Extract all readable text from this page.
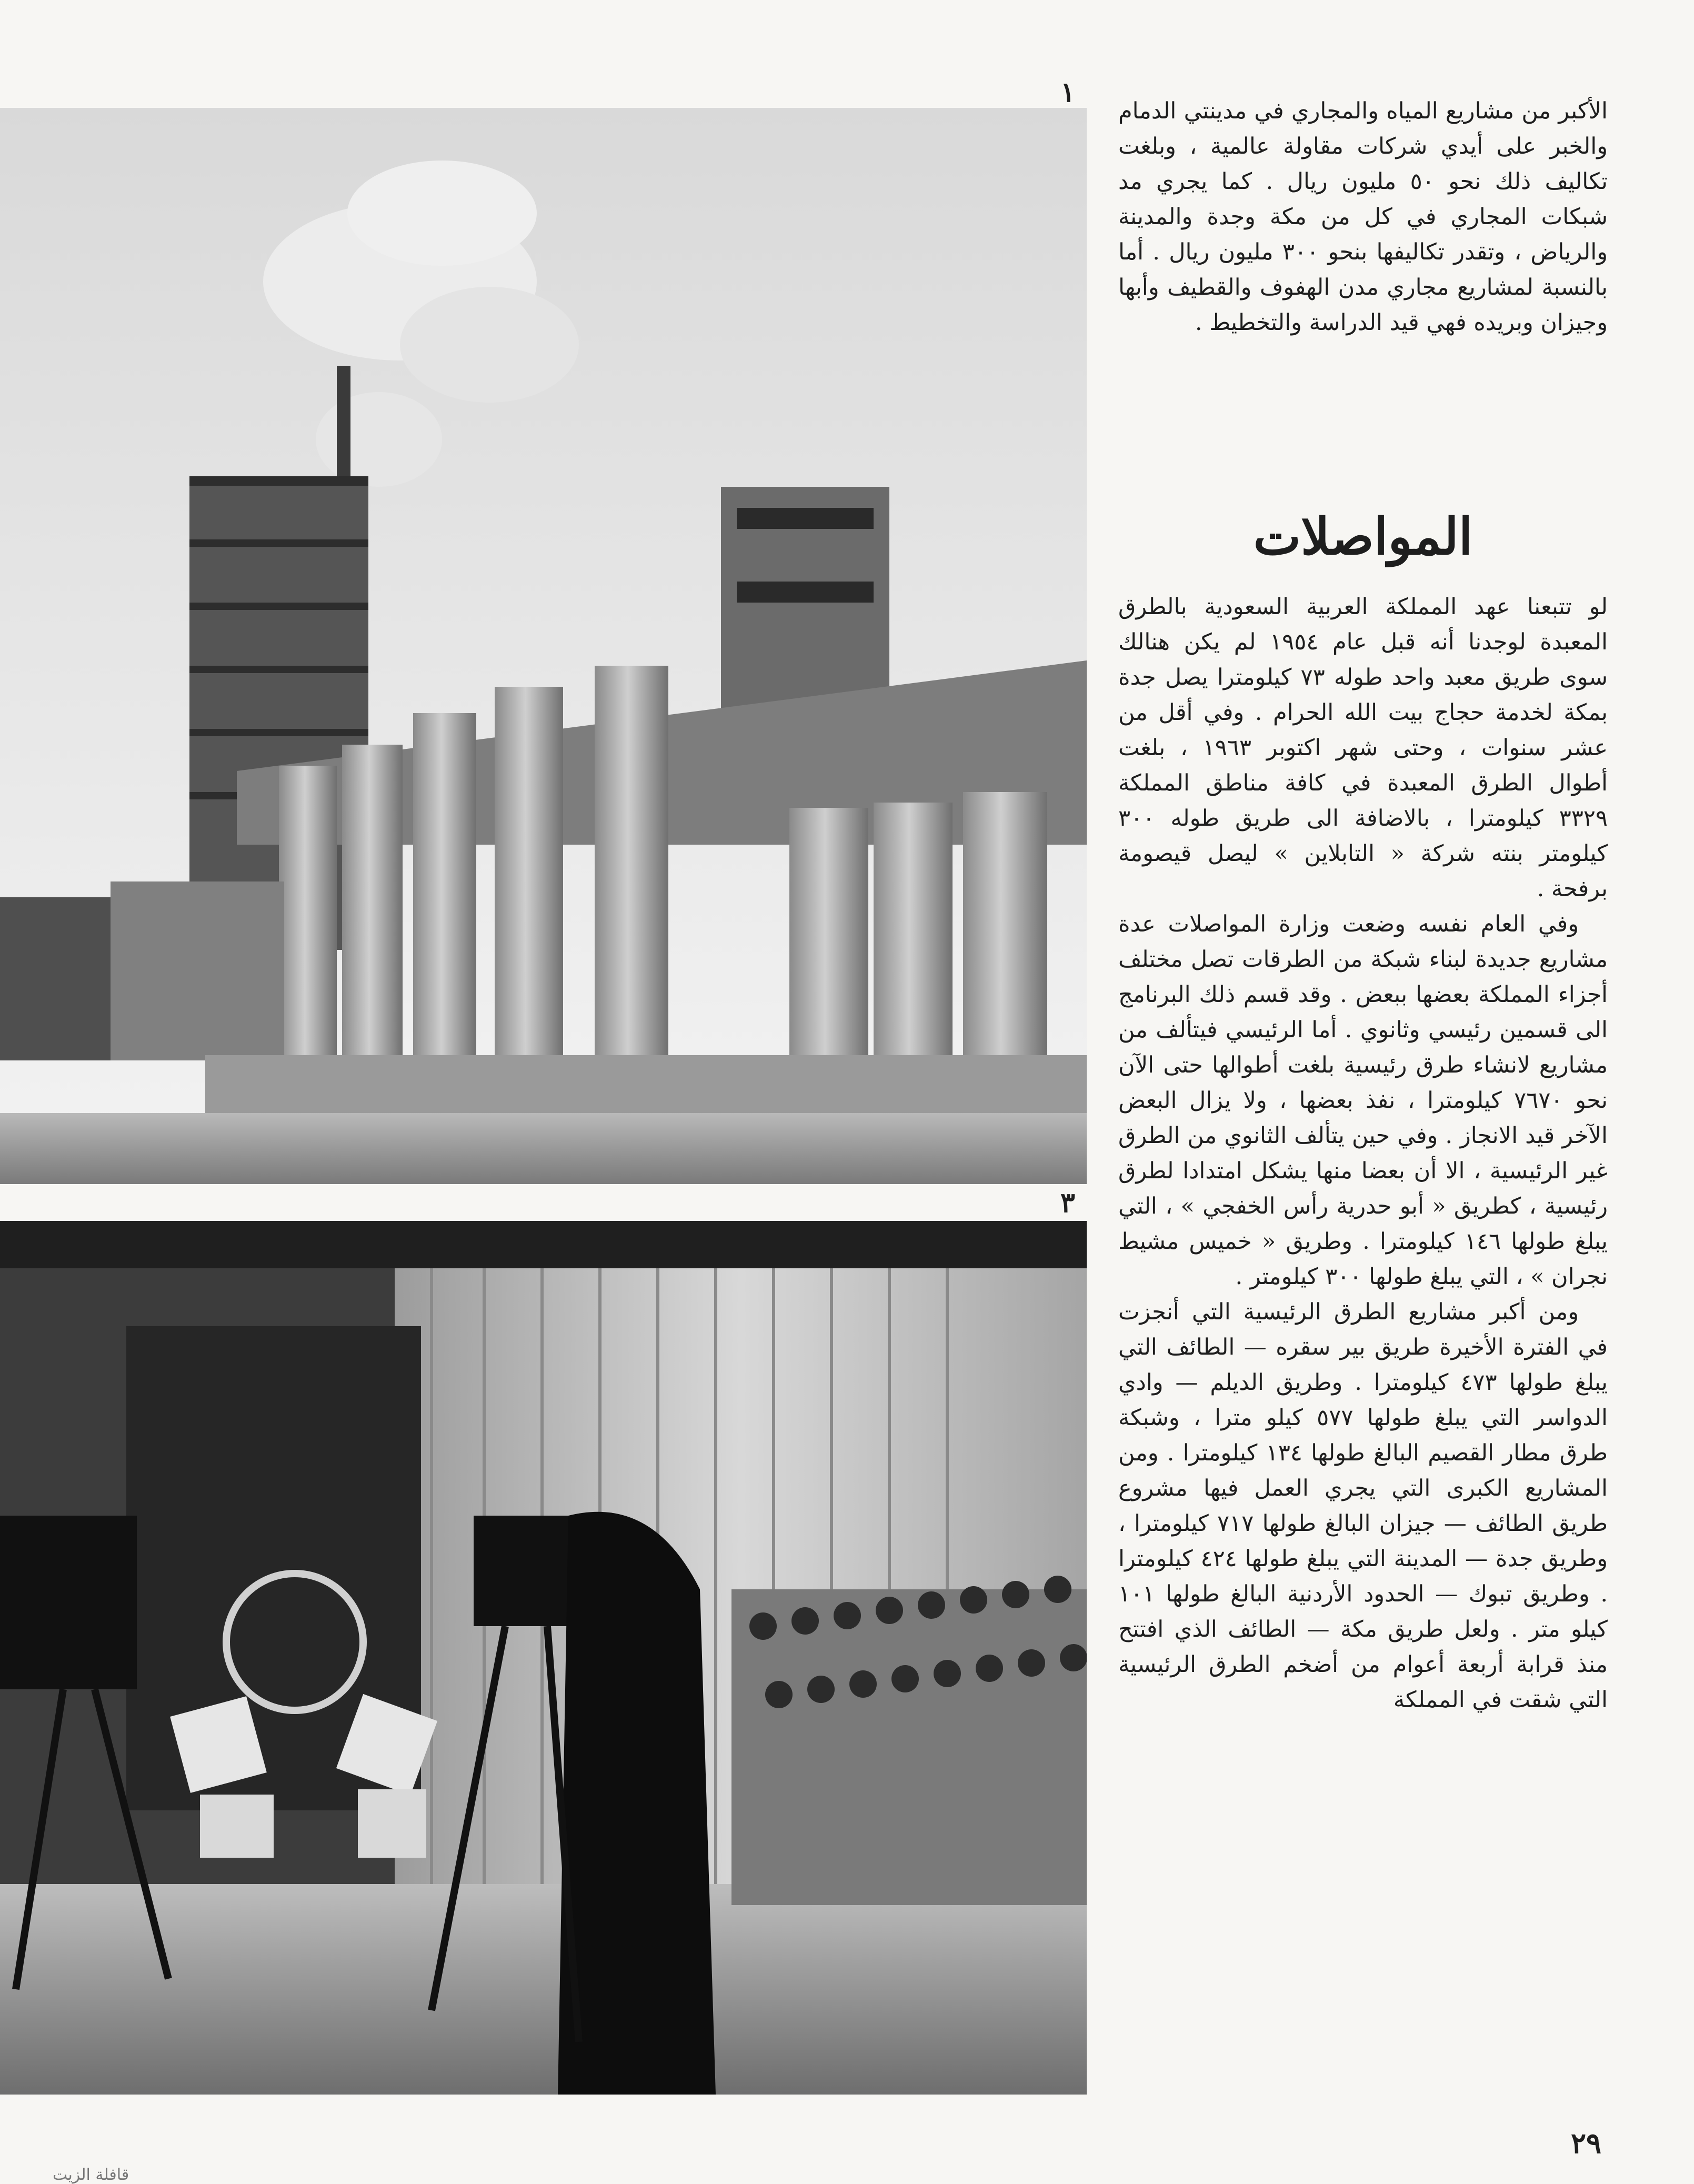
١
٣
الأكبر من مشاريع المياه والمجاري في مدينتي الدمام والخبر على أيدي شركات مقاولة عالمية ، وبلغت تكاليف ذلك نحو ٥٠ مليون ريال . كما يجري مد شبكات المجاري في كل من مكة وجدة والمدينة والرياض ، وتقدر تكاليفها بنحو ٣٠٠ مليون ريال . أما بالنسبة لمشاريع مجاري مدن الهفوف والقطيف وأبها وجيزان وبريده فهي قيد الدراسة والتخطيط .
المواصلات

لو تتبعنا عهد المملكة العربية السعودية بالطرق المعبدة لوجدنا أنه قبل عام ١٩٥٤ لم يكن هنالك سوى طريق معبد واحد طوله ٧٣ كيلومترا يصل جدة بمكة لخدمة حجاج بيت الله الحرام . وفي أقل من عشر سنوات ، وحتى شهر اكتوبر ١٩٦٣ ، بلغت أطوال الطرق المعبدة في كافة مناطق المملكة ٣٣٢٩ كيلومترا ، بالاضافة الى طريق طوله ٣٠٠ كيلومتر بنته شركة « التابلاين » ليصل قيصومة برفحة .

وفي العام نفسه وضعت وزارة المواصلات عدة مشاريع جديدة لبناء شبكة من الطرقات تصل مختلف أجزاء المملكة بعضها ببعض . وقد قسم ذلك البرنامج الى قسمين رئيسي وثانوي . أما الرئيسي فيتألف من مشاريع لانشاء طرق رئيسية بلغت أطوالها حتى الآن نحو ٧٦٧٠ كيلومترا ، نفذ بعضها ، ولا يزال البعض الآخر قيد الانجاز . وفي حين يتألف الثانوي من الطرق غير الرئيسية ، الا أن بعضا منها يشكل امتدادا لطرق رئيسية ، كطريق « أبو حدرية رأس الخفجي » ، التي يبلغ طولها ١٤٦ كيلومترا . وطريق « خميس مشيط نجران » ، التي يبلغ طولها ٣٠٠ كيلومتر .

ومن أكبر مشاريع الطرق الرئيسية التي أنجزت في الفترة الأخيرة طريق بير سقره — الطائف التي يبلغ طولها ٤٧٣ كيلومترا . وطريق الديلم — وادي الدواسر التي يبلغ طولها ٥٧٧ كيلو مترا ، وشبكة طرق مطار القصيم البالغ طولها ١٣٤ كيلومترا . ومن المشاريع الكبرى التي يجري العمل فيها مشروع طريق الطائف — جيزان البالغ طولها ٧١٧ كيلومترا ، وطريق جدة — المدينة التي يبلغ طولها ٤٢٤ كيلومترا . وطريق تبوك — الحدود الأردنية البالغ طولها ١٠١ كيلو متر . ولعل طريق مكة — الطائف الذي افتتح منذ قرابة أربعة أعوام من أضخم الطرق الرئيسية التي شقت في المملكة

٢٩
قافلة الزيت
